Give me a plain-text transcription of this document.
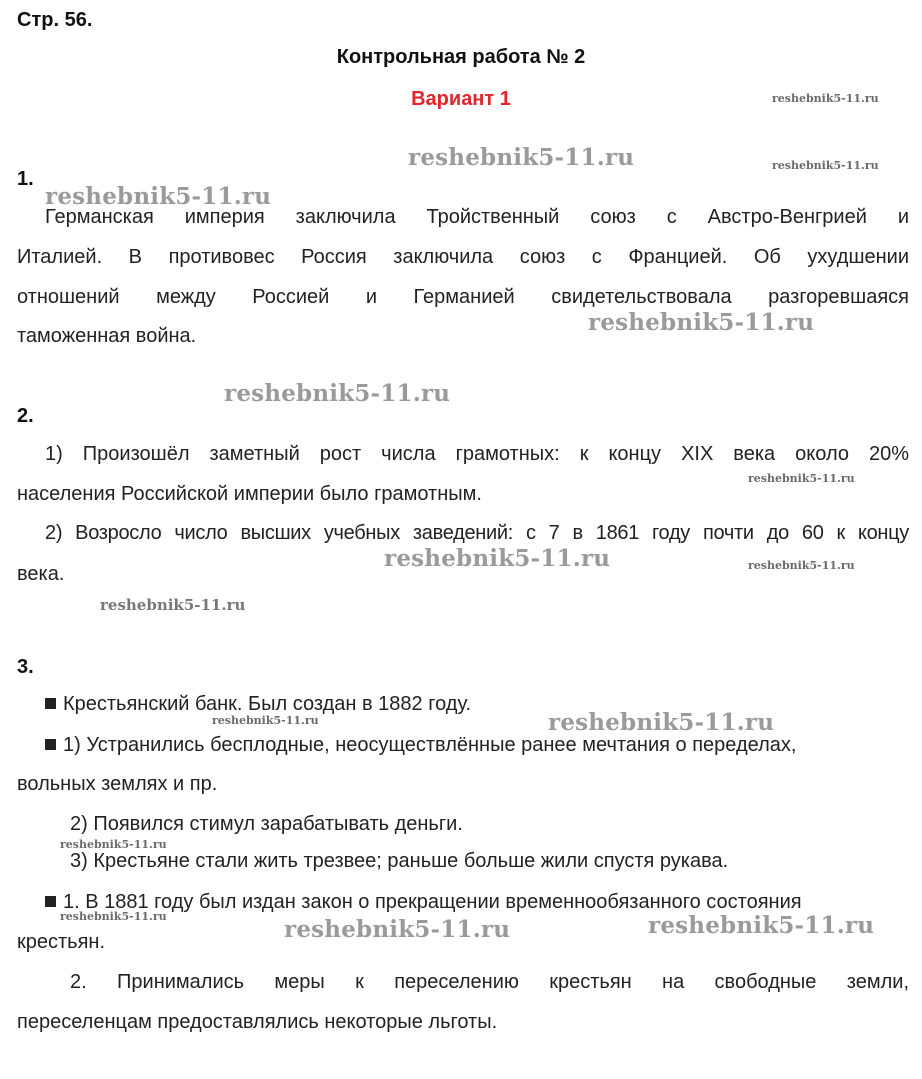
Стр. 56.
Контрольная работа № 2
Вариант 1
1.
Германская империя заключила Тройственный союз с Австро-Венгрией и
Италией. В противовес Россия заключила союз с Францией. Об ухудшении
отношений между Россией и Германией свидетельствовала разгоревшаяся
таможенная война.
2.
1) Произошёл заметный рост числа грамотных: к концу XIX века около 20%
населения Российской империи было грамотным.
2) Возросло число высших учебных заведений: с 7 в 1861 году почти до 60 к концу
века.
3.
Крестьянский банк. Был создан в 1882 году.
1) Устранились бесплодные, неосуществлённые ранее мечтания о переделах,
вольных землях и пр.
2) Появился стимул зарабатывать деньги.
3) Крестьяне стали жить трезвее; раньше больше жили спустя рукава.
1. В 1881 году был издан закон о прекращении временнообязанного состояния
крестьян.
2. Принимались меры к переселению крестьян на свободные земли,
переселенцам предоставлялись некоторые льготы.
reshebnik5-11.ru
reshebnik5-11.ru	reshebnik5-11.ru
reshebnik5-11.ru
reshebnik5-11.ru
reshebnik5-11.ru
reshebnik5-11.ru
reshebnik5-11.ru	reshebnik5-11.ru
reshebnik5-11.ru
reshebnik5-11.ru	reshebnik5-11.ru
reshebnik5-11.ru
reshebnik5-11.ru	reshebnik5-11.ru	reshebnik5-11.ru
